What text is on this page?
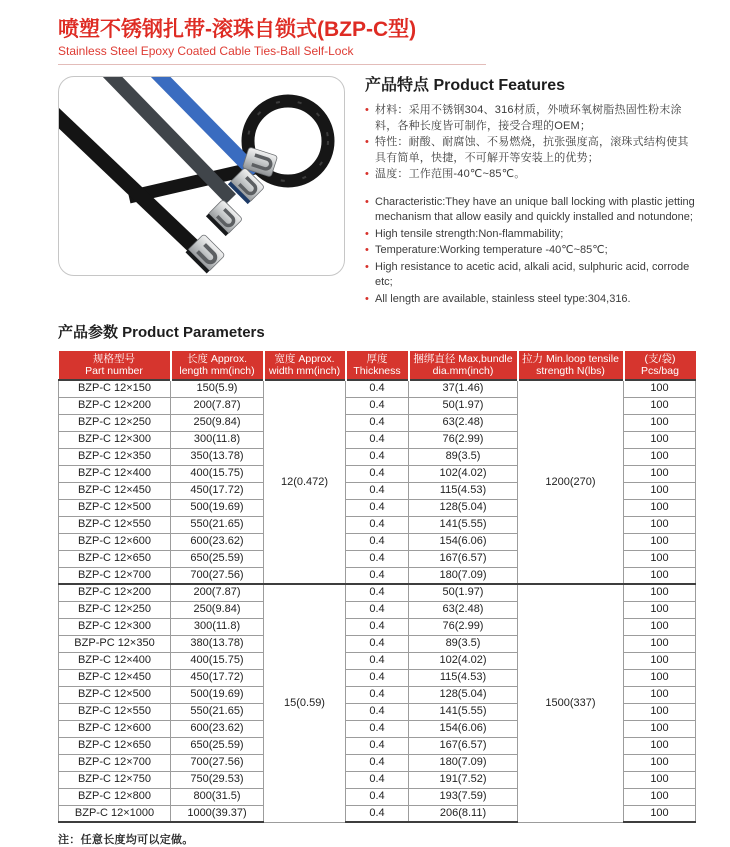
喷塑不锈钢扎带-滚珠自锁式(BZP-C型)
Stainless Steel Epoxy Coated Cable Ties-Ball Self-Lock
产品特点 Product Features
• 材料：采用不锈钢304、316材质，外喷环氧树脂热固性粉末涂料，各种长度皆可制作，接受合理的OEM；
• 特性：耐酸、耐腐蚀、不易燃烧，抗张强度高，滚珠式结构使其具有简单，快捷，不可解开等安装上的优势；
• 温度：工作范围-40℃~85℃。
• Characteristic:They have an unique ball locking with plastic jetting mechanism that allow easily and quickly installed and notundone;
• High tensile strength:Non-flammability;
• Temperature:Working temperature -40℃~85℃;
• High resistance to acetic acid, alkali acid, sulphuric acid, corrode etc;
• All length are available, stainless steel type:304,316.
产品参数 Product Parameters
规格型号
Part number

长度 Approx.
length mm(inch)

宽度 Approx.
width mm(inch)

厚度
Thickness

捆绑直径 Max,bundle
dia.mm(inch)

拉力 Min.loop tensile
strength N(lbs)

(支/袋)
Pcs/bag

BZP-C 12×150	150(5.9)	12(0.472)	0.4	37(1.46)	1200(270)	100
BZP-C 12×200	200(7.87)		0.4	50(1.97)		100
BZP-C 12×250	250(9.84)		0.4	63(2.48)		100
BZP-C 12×300	300(11.8)		0.4	76(2.99)		100
BZP-C 12×350	350(13.78)		0.4	89(3.5)		100
BZP-C 12×400	400(15.75)		0.4	102(4.02)		100
BZP-C 12×450	450(17.72)		0.4	115(4.53)		100
BZP-C 12×500	500(19.69)		0.4	128(5.04)		100
BZP-C 12×550	550(21.65)		0.4	141(5.55)		100
BZP-C 12×600	600(23.62)		0.4	154(6.06)		100
BZP-C 12×650	650(25.59)		0.4	167(6.57)		100
BZP-C 12×700	700(27.56)		0.4	180(7.09)		100
BZP-C 12×200	200(7.87)	15(0.59)	0.4	50(1.97)	1500(337)	100
BZP-C 12×250	250(9.84)		0.4	63(2.48)		100
BZP-C 12×300	300(11.8)		0.4	76(2.99)		100
BZP-PC 12×350	380(13.78)		0.4	89(3.5)		100
BZP-C 12×400	400(15.75)		0.4	102(4.02)		100
BZP-C 12×450	450(17.72)		0.4	115(4.53)		100
BZP-C 12×500	500(19.69)		0.4	128(5.04)		100
BZP-C 12×550	550(21.65)		0.4	141(5.55)		100
BZP-C 12×600	600(23.62)		0.4	154(6.06)		100
BZP-C 12×650	650(25.59)		0.4	167(6.57)		100
BZP-C 12×700	700(27.56)		0.4	180(7.09)		100
BZP-C 12×750	750(29.53)		0.4	191(7.52)		100
BZP-C 12×800	800(31.5)		0.4	193(7.59)		100
BZP-C 12×1000	1000(39.37)		0.4	206(8.11)		100
注：任意长度均可以定做。
